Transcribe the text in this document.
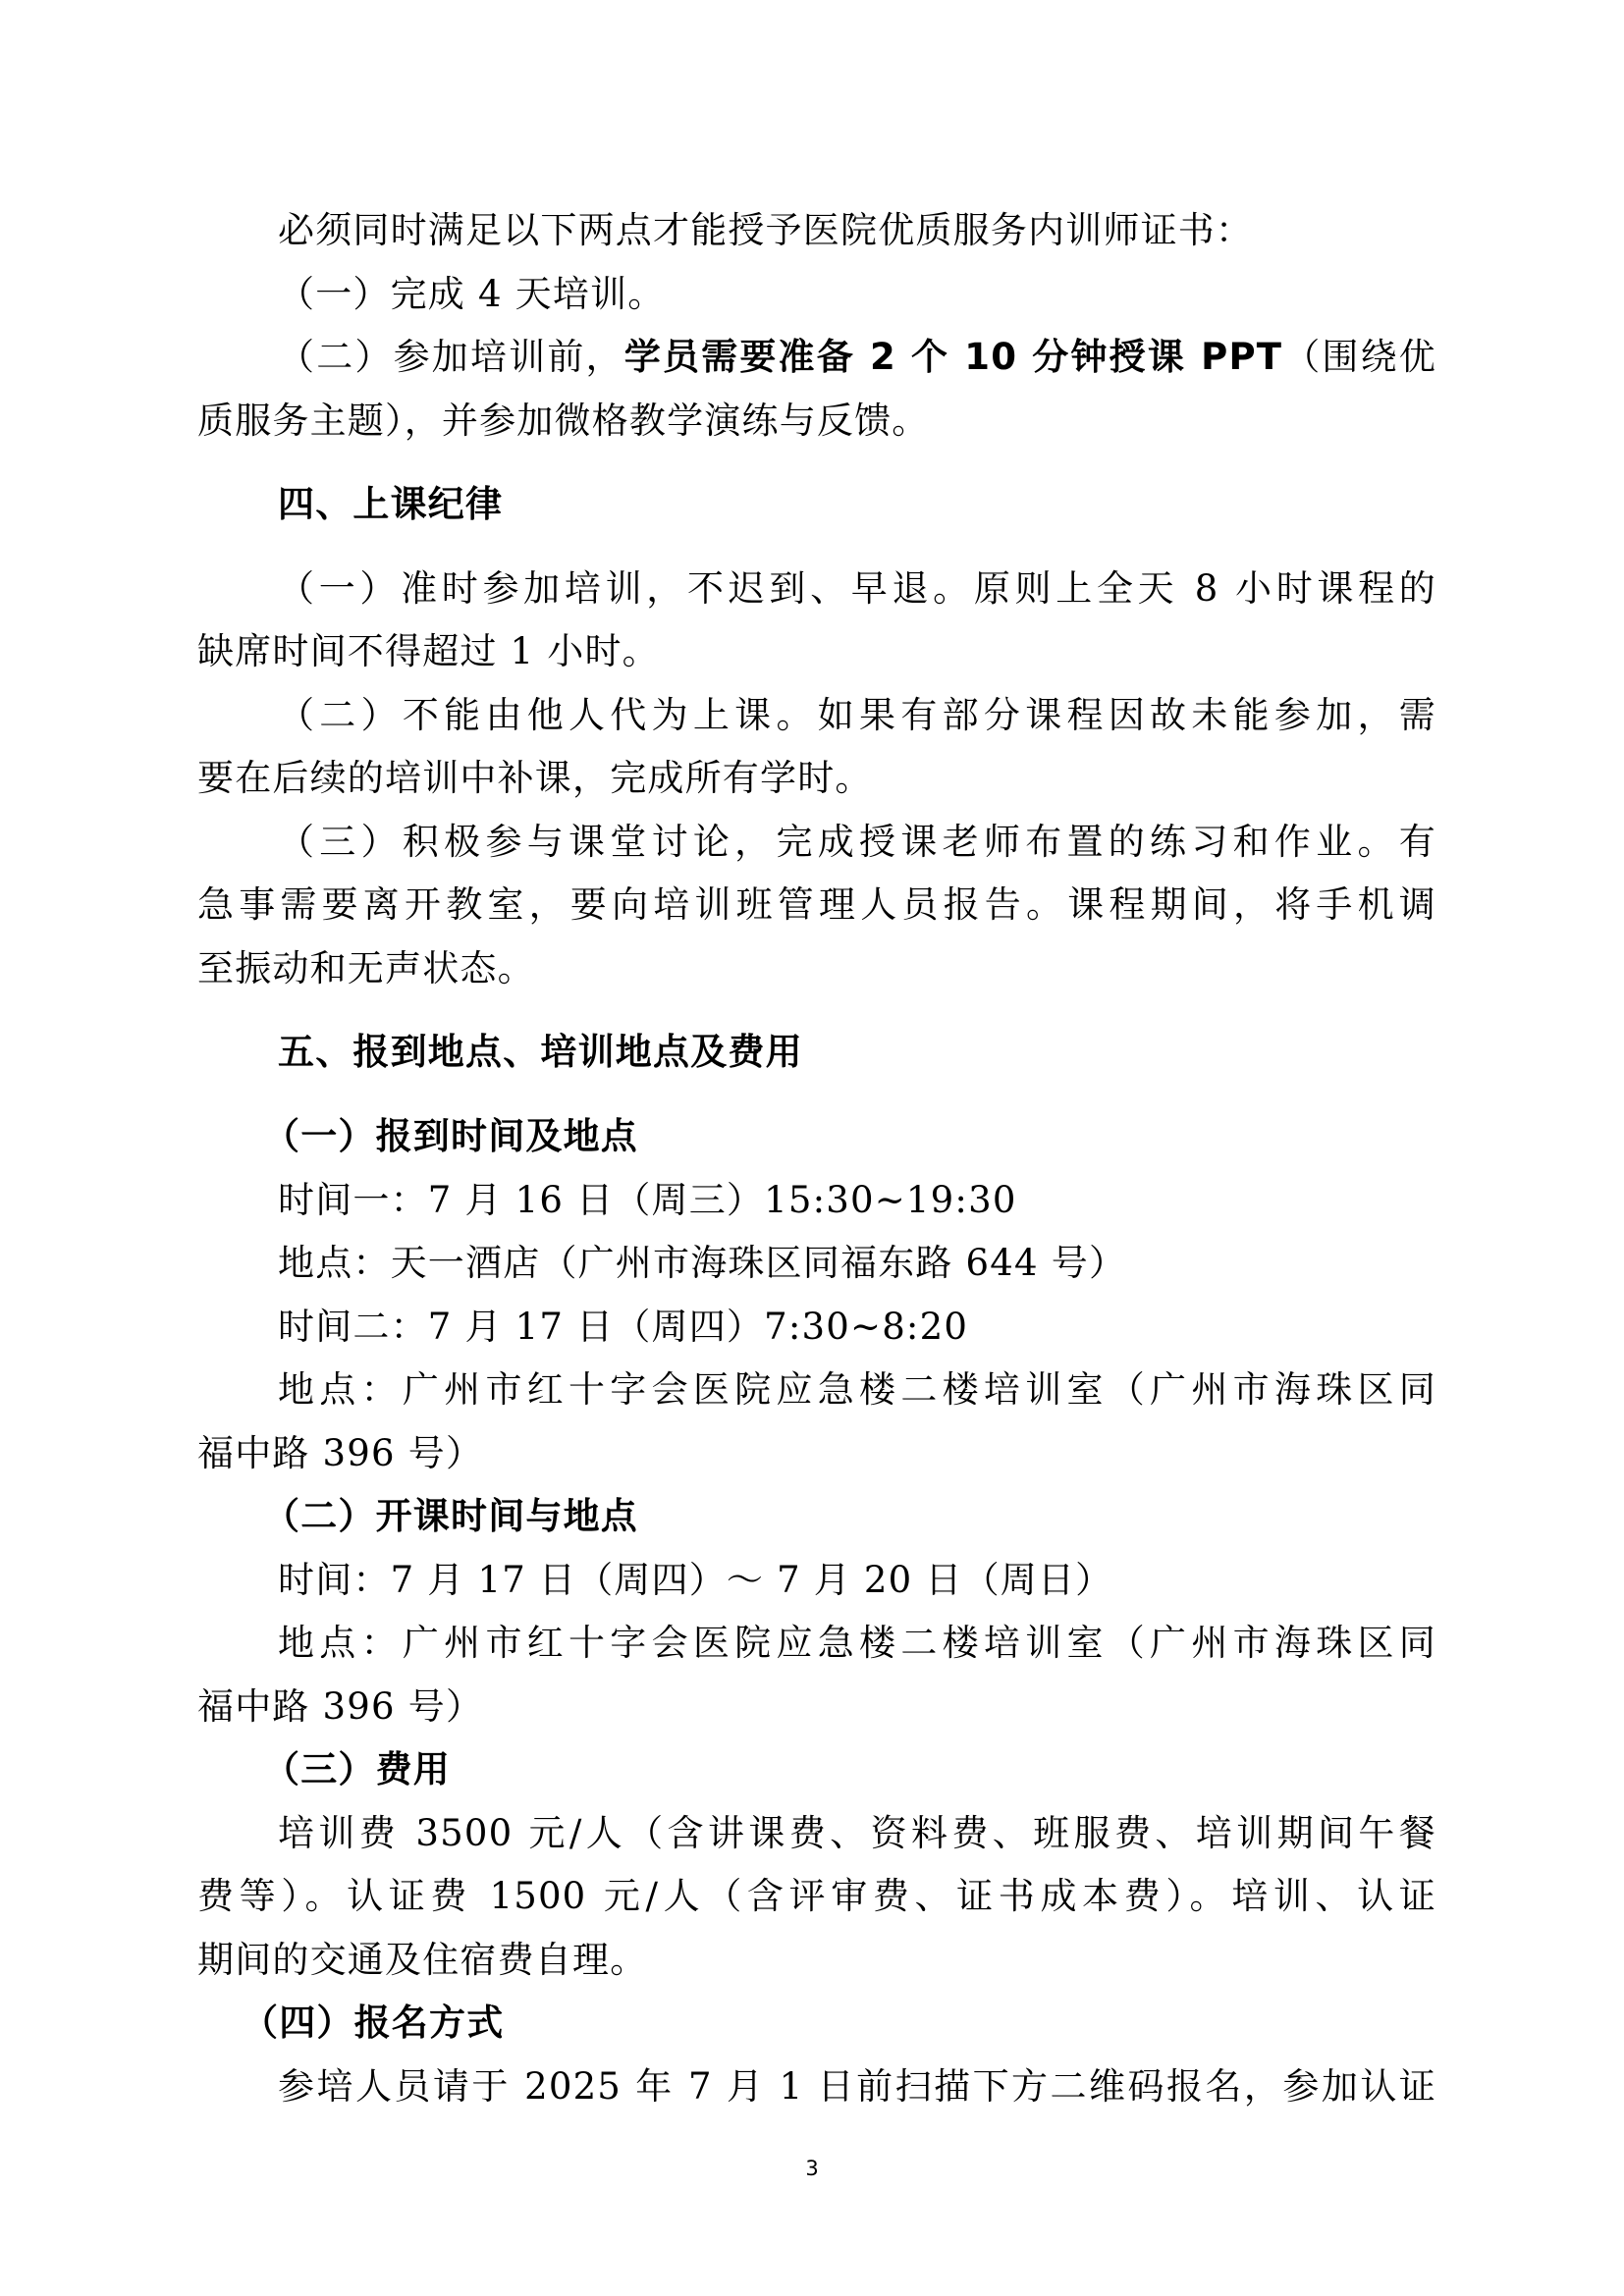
必须同时满足以下两点才能授予医院优质服务内训师证书：
（一）完成 4 天培训。
（二）参加培训前，学员需要准备 2 个 10 分钟授课 PPT（围绕优
质服务主题），并参加微格教学演练与反馈。
四、上课纪律
（一）准时参加培训，不迟到、早退。原则上全天 8 小时课程的
缺席时间不得超过 1 小时。
（二）不能由他人代为上课。如果有部分课程因故未能参加，需
要在后续的培训中补课，完成所有学时。
（三）积极参与课堂讨论，完成授课老师布置的练习和作业。有
急事需要离开教室，要向培训班管理人员报告。课程期间，将手机调
至振动和无声状态。
五、报到地点、培训地点及费用
（一）报到时间及地点
时间一：7 月 16 日（周三）15:30~19:30
地点：天一酒店（广州市海珠区同福东路 644 号）
时间二：7 月 17 日（周四）7:30~8:20
地点：广州市红十字会医院应急楼二楼培训室（广州市海珠区同
福中路 396 号）
（二）开课时间与地点
时间：7 月 17 日（周四）～ 7 月 20 日（周日）
地点：广州市红十字会医院应急楼二楼培训室（广州市海珠区同
福中路 396 号）
（三）费用
培训费 3500 元/人（含讲课费、资料费、班服费、培训期间午餐
费等）。认证费 1500 元/人（含评审费、证书成本费）。培训、认证
期间的交通及住宿费自理。
（四）报名方式
参培人员请于 2025 年 7 月 1 日前扫描下方二维码报名，参加认证
3
